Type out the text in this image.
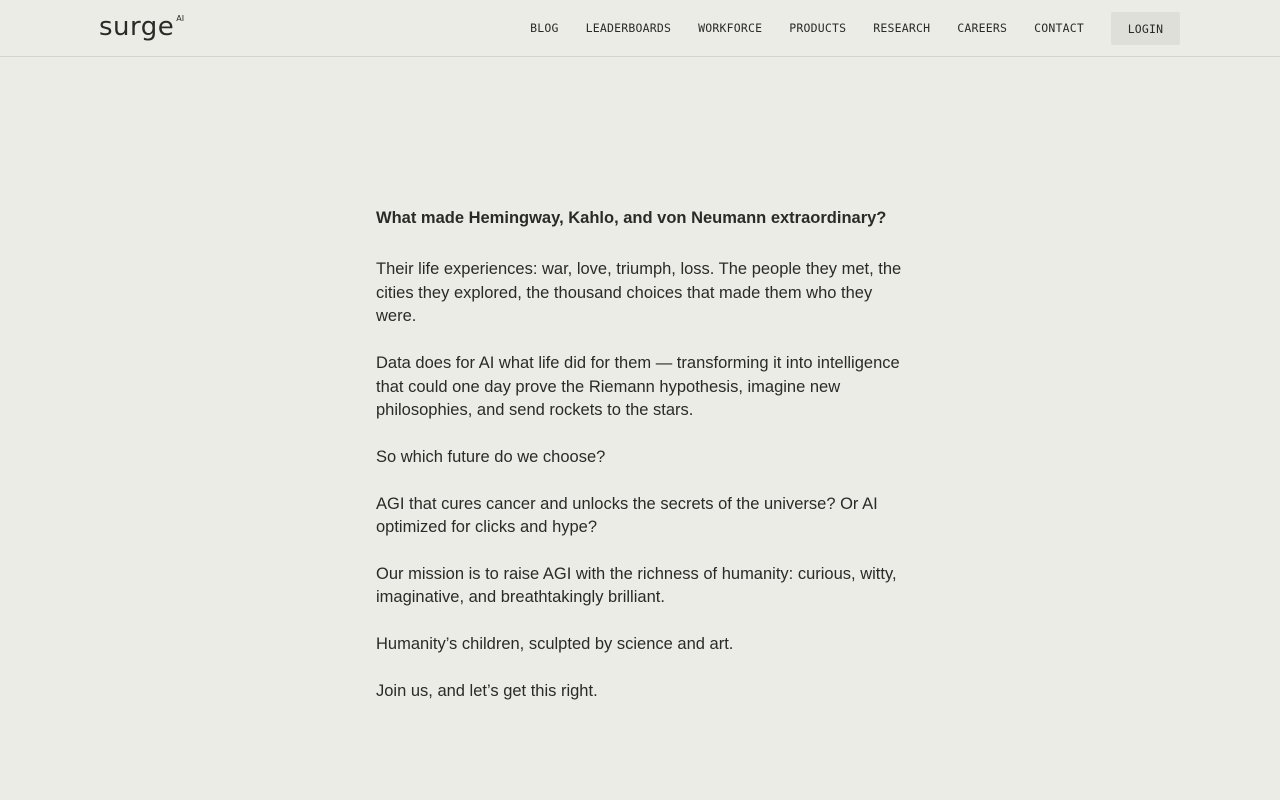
surge AI
BLOG LEADERBOARDS WORKFORCE PRODUCTS RESEARCH CAREERS CONTACT	LOGIN

What made Hemingway, Kahlo, and von Neumann extraordinary?

Their life experiences: war, love, triumph, loss. The people they met, the cities they explored, the thousand choices that made them who they were.

Data does for AI what life did for them — transforming it into intelligence that could one day prove the Riemann hypothesis, imagine new philosophies, and send rockets to the stars.

So which future do we choose?

AGI that cures cancer and unlocks the secrets of the universe? Or AI optimized for clicks and hype?

Our mission is to raise AGI with the richness of humanity: curious, witty, imaginative, and breathtakingly brilliant.

Humanity’s children, sculpted by science and art.

Join us, and let’s get this right.
